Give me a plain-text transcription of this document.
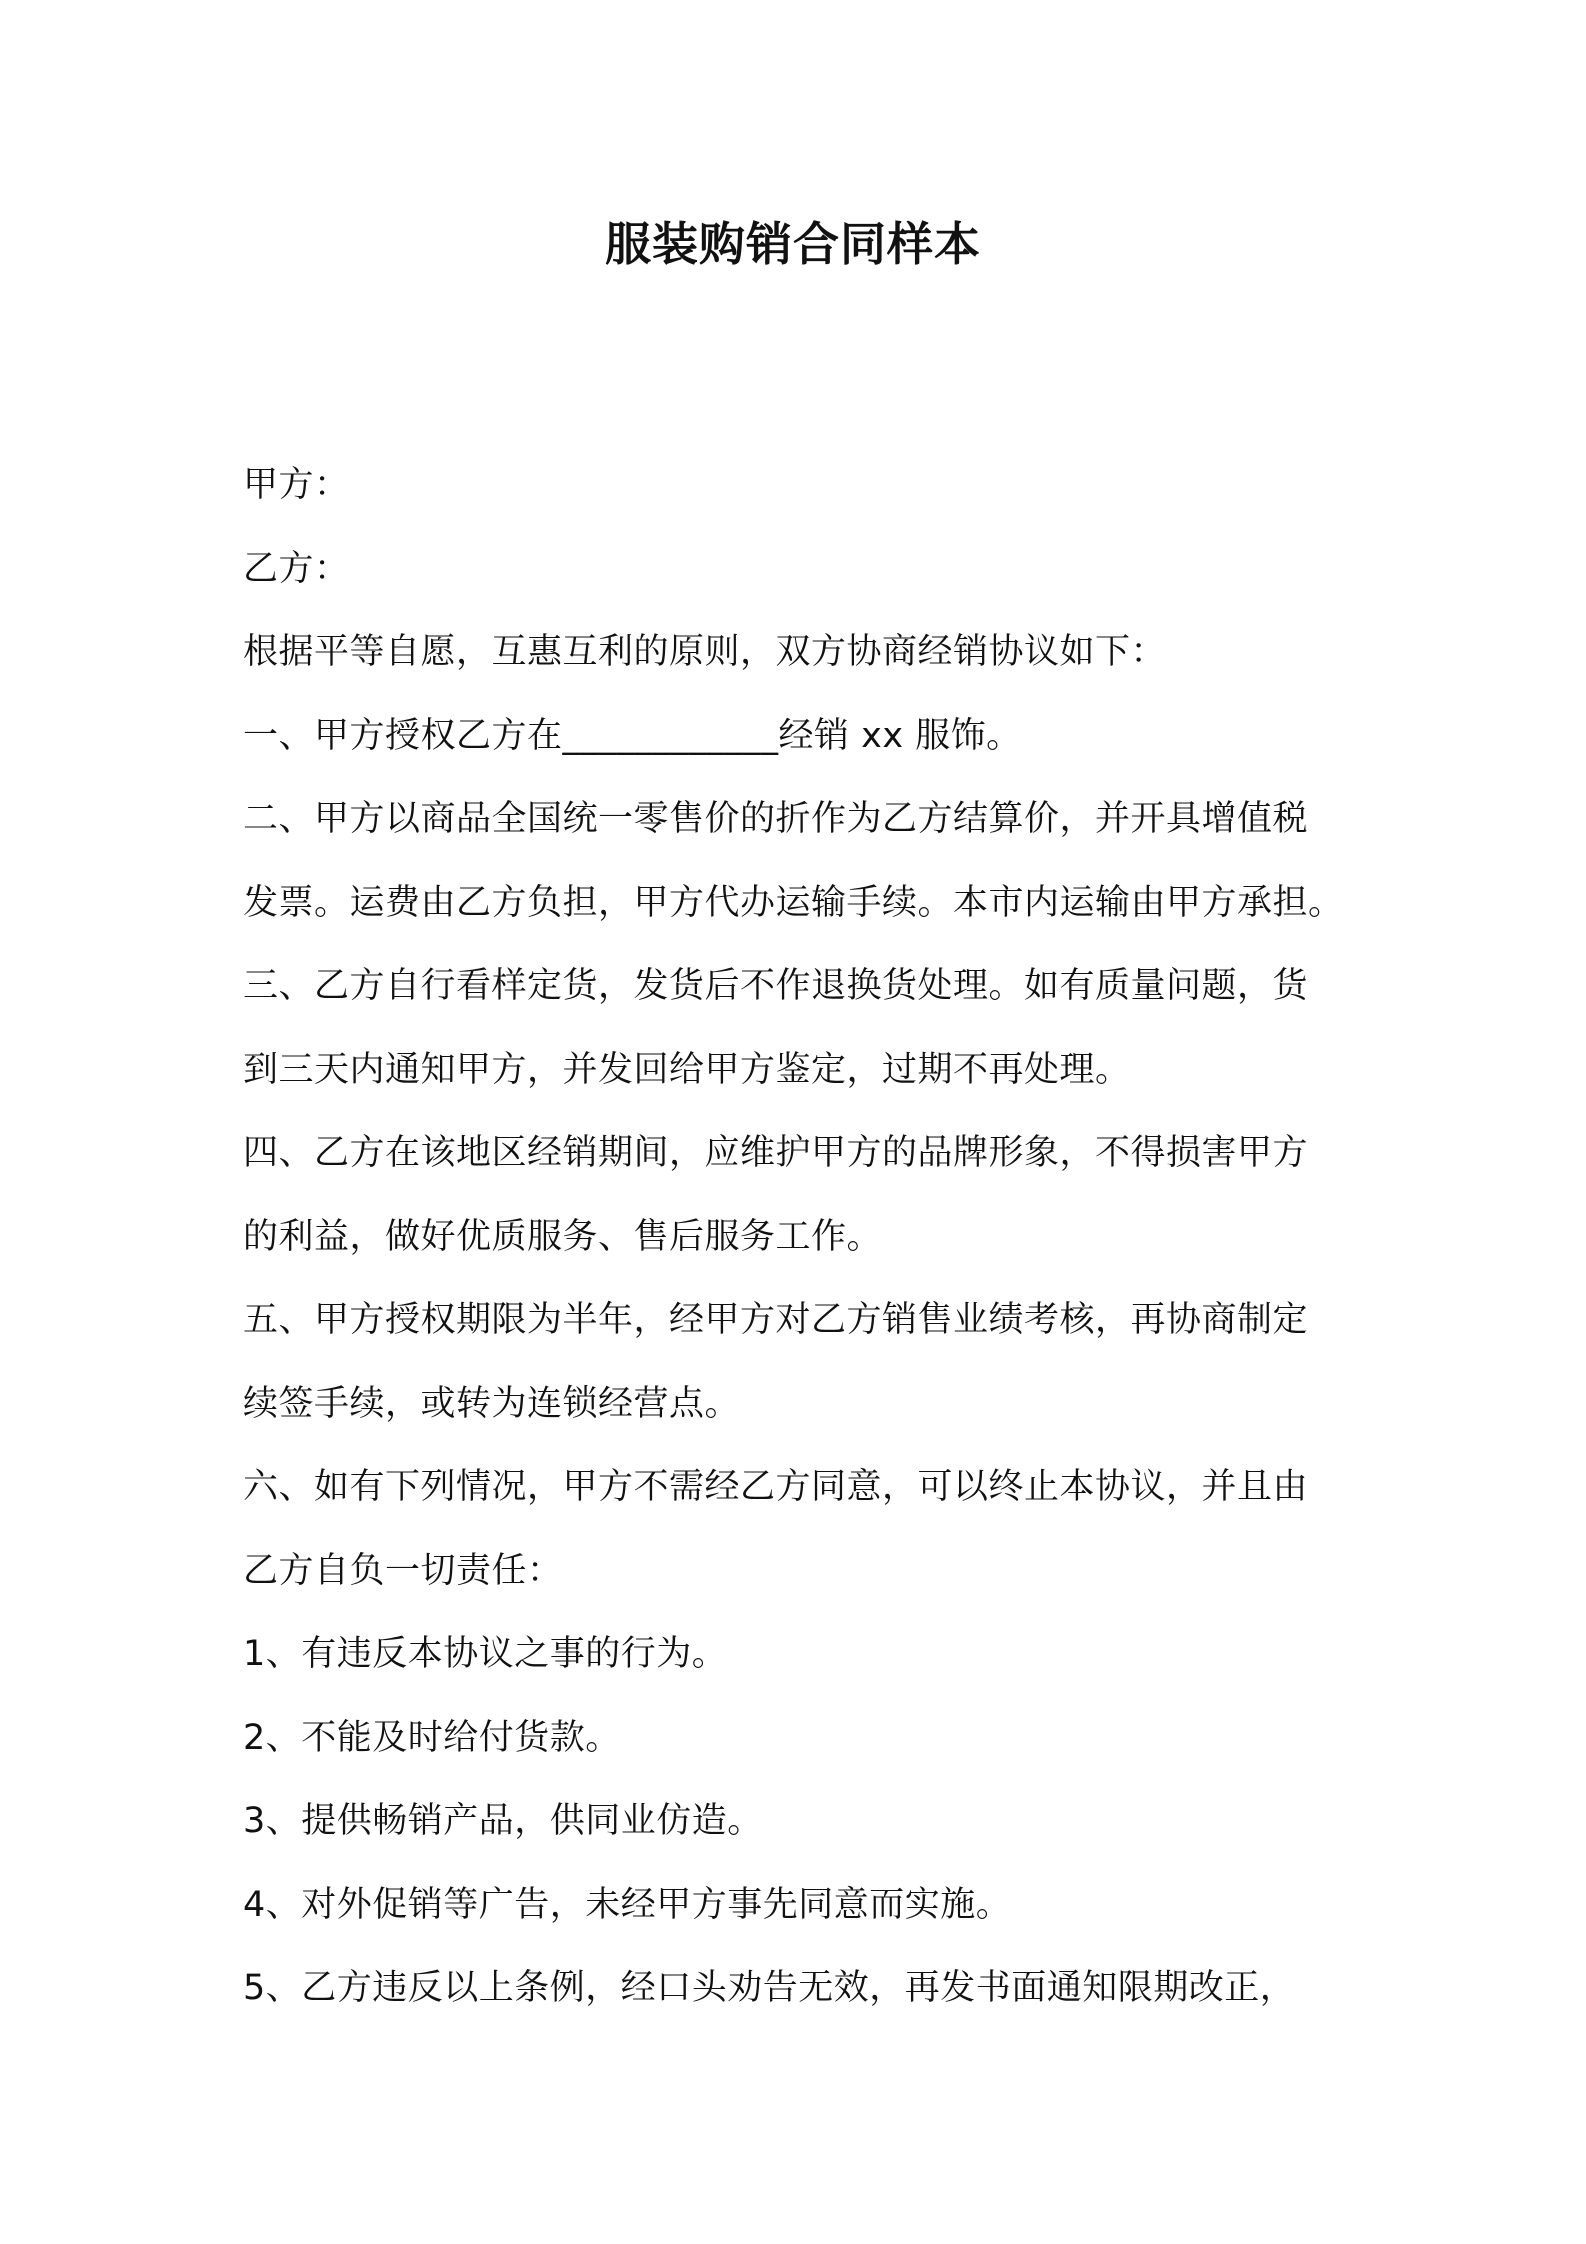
服装购销合同样本
甲方：
乙方：
根据平等自愿，互惠互利的原则，双方协商经销协议如下：
一、甲方授权乙方在____________经销 xx 服饰。
二、甲方以商品全国统一零售价的折作为乙方结算价，并开具增值税
发票。运费由乙方负担，甲方代办运输手续。本市内运输由甲方承担。
三、乙方自行看样定货，发货后不作退换货处理。如有质量问题，货
到三天内通知甲方，并发回给甲方鉴定，过期不再处理。
四、乙方在该地区经销期间，应维护甲方的品牌形象，不得损害甲方
的利益，做好优质服务、售后服务工作。
五、甲方授权期限为半年，经甲方对乙方销售业绩考核，再协商制定
续签手续，或转为连锁经营点。
六、如有下列情况，甲方不需经乙方同意，可以终止本协议，并且由
乙方自负一切责任：
1、有违反本协议之事的行为。
2、不能及时给付货款。
3、提供畅销产品，供同业仿造。
4、对外促销等广告，未经甲方事先同意而实施。
5、乙方违反以上条例，经口头劝告无效，再发书面通知限期改正，
